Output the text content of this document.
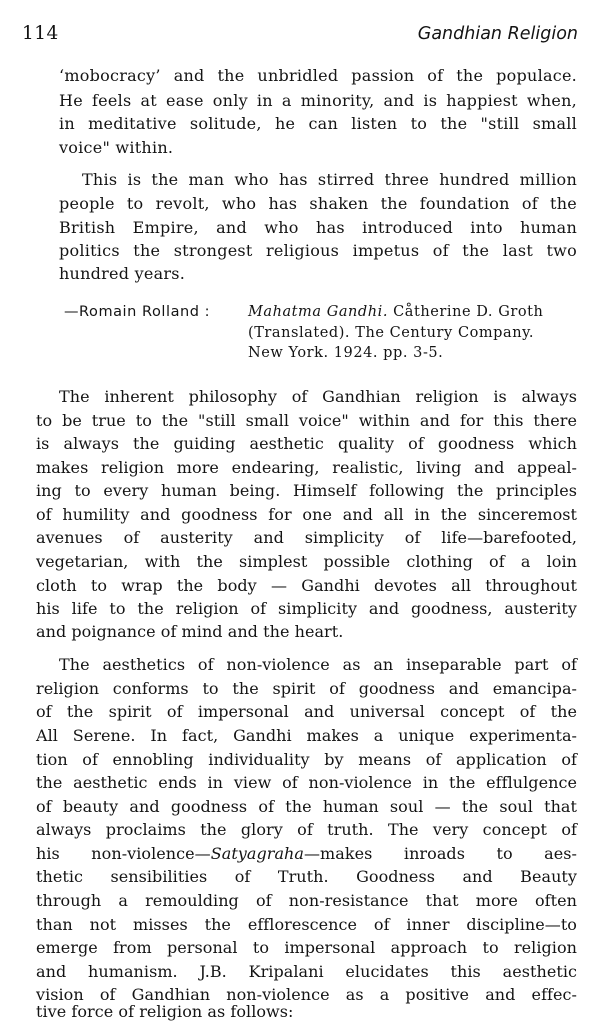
114	Gandhian Religion
‘mobocracy’ and the unbridled passion of the populace.
He feels at ease only in a minority, and is happiest when,
in meditative solitude, he can listen to the "still small
voice" within.
This is the man who has stirred three hundred million
people to revolt, who has shaken the foundation of the
British Empire, and who has introduced into human
politics the strongest religious impetus of the last two
hundred years.
—Romain Rolland :	Mahatma Gandhi. Cåtherine D. Groth
(Translated). The Century Company.
New York. 1924. pp. 3-5.
The inherent philosophy of Gandhian religion is always
to be true to the "still small voice" within and for this there
is always the guiding aesthetic quality of goodness which
makes religion more endearing, realistic, living and appeal-
ing to every human being. Himself following the principles
of humility and goodness for one and all in the sinceremost
avenues of austerity and simplicity of life—barefooted,
vegetarian, with the simplest possible clothing of a loin
cloth to wrap the body — Gandhi devotes all throughout
his life to the religion of simplicity and goodness, austerity
and poignance of mind and the heart.
The aesthetics of non-violence as an inseparable part of
religion conforms to the spirit of goodness and emancipa-
of the spirit of impersonal and universal concept of the
All Serene. In fact, Gandhi makes a unique experimenta-
tion of ennobling individuality by means of application of
the aesthetic ends in view of non-violence in the efflulgence
of beauty and goodness of the human soul — the soul that
always proclaims the glory of truth. The very concept of
his non-violence—Satyagraha—makes inroads to aes-
thetic sensibilities of Truth. Goodness and Beauty
through a remoulding of non-resistance that more often
than not misses the efflorescence of inner discipline—to
emerge from personal to impersonal approach to religion
and humanism. J.B. Kripalani elucidates this aesthetic
vision of Gandhian non-violence as a positive and effec-
tive force of religion as follows:
